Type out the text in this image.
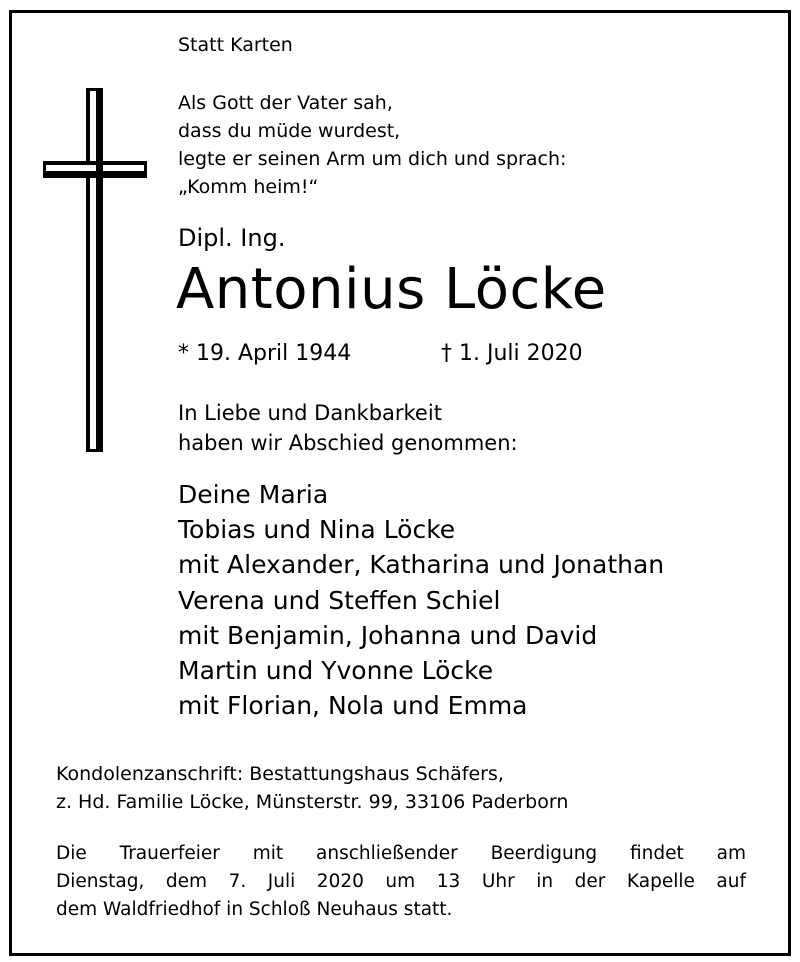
Statt Karten
Als Gott der Vater sah,
dass du müde wurdest,
legte er seinen Arm um dich und sprach:
„Komm heim!“
Dipl. Ing.
Antonius Löcke
* 19. April 1944	† 1. Juli 2020
In Liebe und Dankbarkeit
haben wir Abschied genommen:
Deine Maria
Tobias und Nina Löcke
mit Alexander, Katharina und Jonathan
Verena und Steffen Schiel
mit Benjamin, Johanna und David
Martin und Yvonne Löcke
mit Florian, Nola und Emma
Kondolenzanschrift: Bestattungshaus Schäfers,
z. Hd. Familie Löcke, Münsterstr. 99, 33106 Paderborn
Die Trauerfeier mit anschließender Beerdigung findet am
Dienstag, dem 7. Juli 2020 um 13 Uhr in der Kapelle auf
dem Waldfriedhof in Schloß Neuhaus statt.
